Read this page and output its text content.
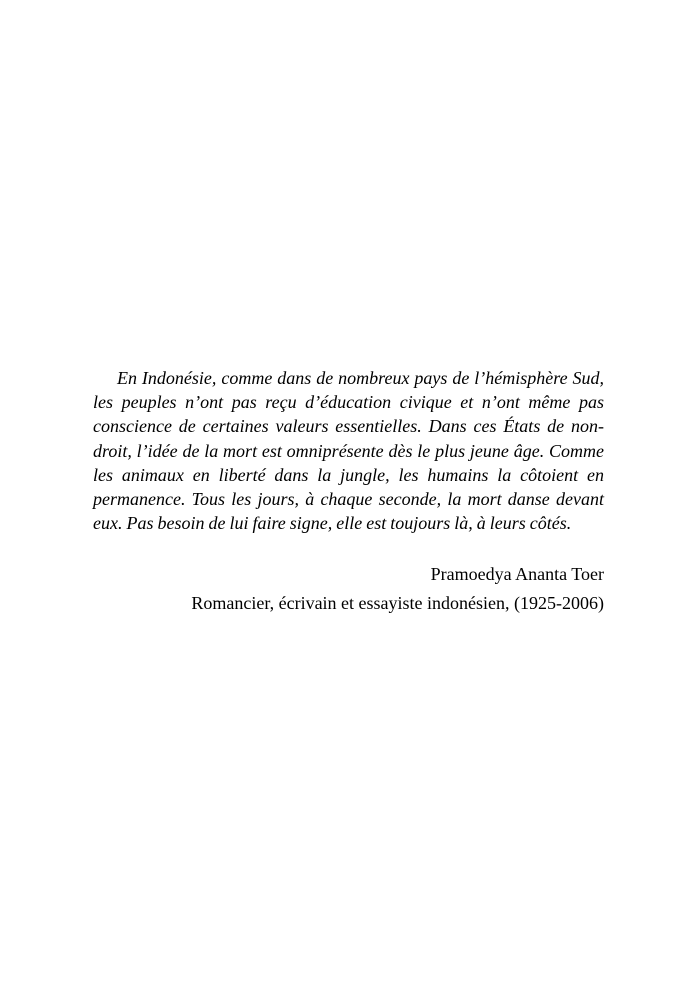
En Indonésie, comme dans de nombreux pays de l’hémisphère Sud, les peuples n’ont pas reçu d’éducation civique et n’ont même pas conscience de certaines valeurs essentielles. Dans ces États de non-droit, l’idée de la mort est omniprésente dès le plus jeune âge. Comme les animaux en liberté dans la jungle, les humains la côtoient en permanence. Tous les jours, à chaque seconde, la mort danse devant eux. Pas besoin de lui faire signe, elle est toujours là, à leurs côtés.

Pramoedya Ananta Toer
Romancier, écrivain et essayiste indonésien, (1925-2006)
